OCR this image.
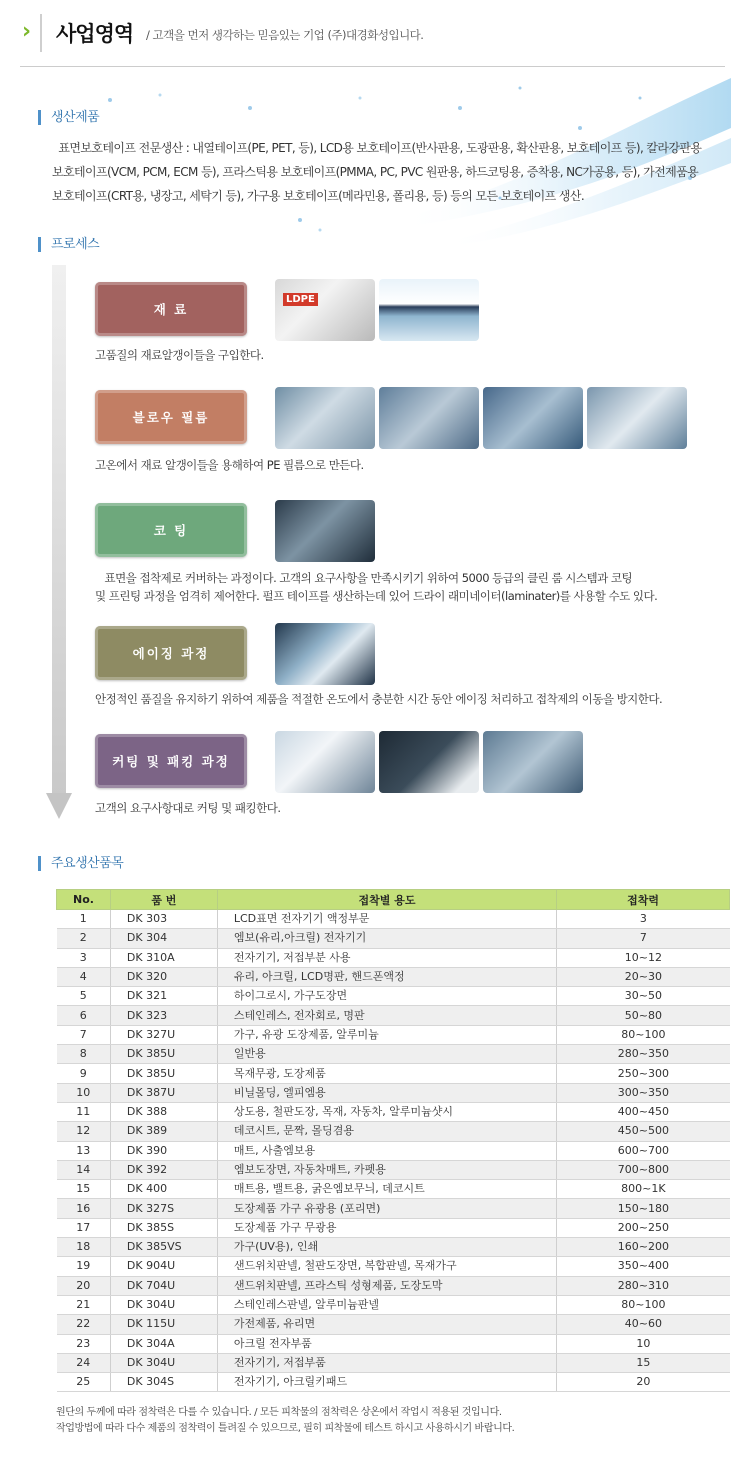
› 사업영역 / 고객을 먼저 생각하는 믿음있는 기업 (주)대경화성입니다.
생산제품
표면보호테이프 전문생산 : 내열테이프(PE, PET, 등), LCD용 보호테이프(반사판용, 도광판용, 확산판용, 보호테이프 등), 칼라강판용
보호테이프(VCM, PCM, ECM 등), 프라스틱용 보호테이프(PMMA, PC, PVC 원판용, 하드코팅용, 증착용, NC가공용, 등), 가전제품용
보호테이프(CRT용, 냉장고, 세탁기 등), 가구용 보호테이프(메라민용, 폴리용, 등) 등의 모든 보호테이프 생산.
프로세스
재 료
LDPE
고품질의 재료알갱이들을 구입한다.
블로우 필름
고온에서 재료 알갱이들을 용해하여 PE 필름으로 만든다.
코 팅
표면을 접착제로 커버하는 과정이다. 고객의 요구사항을 만족시키기 위하여 5000 등급의 클린 룸 시스템과 코팅
및 프린팅 과정을 엄격히 제어한다. 펄프 테이프를 생산하는데 있어 드라이 래미네이터(laminater)를 사용할 수도 있다.
에이징 과정
안정적인 품질을 유지하기 위하여 제품을 적절한 온도에서 충분한 시간 동안 에이징 처리하고 접착제의 이동을 방지한다.
커팅 및 패킹 과정
고객의 요구사항대로 커팅 및 패킹한다.
주요생산품목
No.	품 번	접착별 용도	접착력
1	DK 303	LCD표면 전자기기 액정부문	3
2	DK 304	엠보(유리,아크릴) 전자기기	7
3	DK 310A	전자기기, 저접부분 사용	10~12
4	DK 320	유리, 아크릴, LCD명판, 핸드폰액정	20~30
5	DK 321	하이그로시, 가구도장면	30~50
6	DK 323	스테인레스, 전자회로, 명판	50~80
7	DK 327U	가구, 유광 도장제품, 알루미늄	80~100
8	DK 385U	일반용	280~350
9	DK 385U	목재무광, 도장제품	250~300
10	DK 387U	비닐몰딩, 엘피엠용	300~350
11	DK 388	상도용, 철판도장, 목재, 자동차, 알루미늄샷시	400~450
12	DK 389	데코시트, 문짝, 몰딩겸용	450~500
13	DK 390	매트, 사출엠보용	600~700
14	DK 392	엠보도장면, 자동차매트, 카펫용	700~800
15	DK 400	매트용, 밸트용, 굵은엠보무늬, 데코시트	800~1K
16	DK 327S	도장제품 가구 유광용 (포리면)	150~180
17	DK 385S	도장제품 가구 무광용	200~250
18	DK 385VS	가구(UV용), 인쇄	160~200
19	DK 904U	샌드위치판넬, 철판도장면, 복합판넬, 목재가구	350~400
20	DK 704U	샌드위치판넬, 프라스틱 성형제품, 도장도막	280~310
21	DK 304U	스테인레스판넬, 알루미늄판넬	80~100
22	DK 115U	가전제품, 유리면	40~60
23	DK 304A	아크릴 전자부품	10
24	DK 304U	전자기기, 저접부품	15
25	DK 304S	전자기기, 아크릴키패드	20
원단의 두께에 따라 점착력은 다를 수 있습니다. / 모든 피착물의 점착력은 상온에서 작업시 적용된 것입니다.
작업방법에 따라 다수 제품의 점착력이 틀려질 수 있으므로, 필히 피착물에 테스트 하시고 사용하시기 바랍니다.
